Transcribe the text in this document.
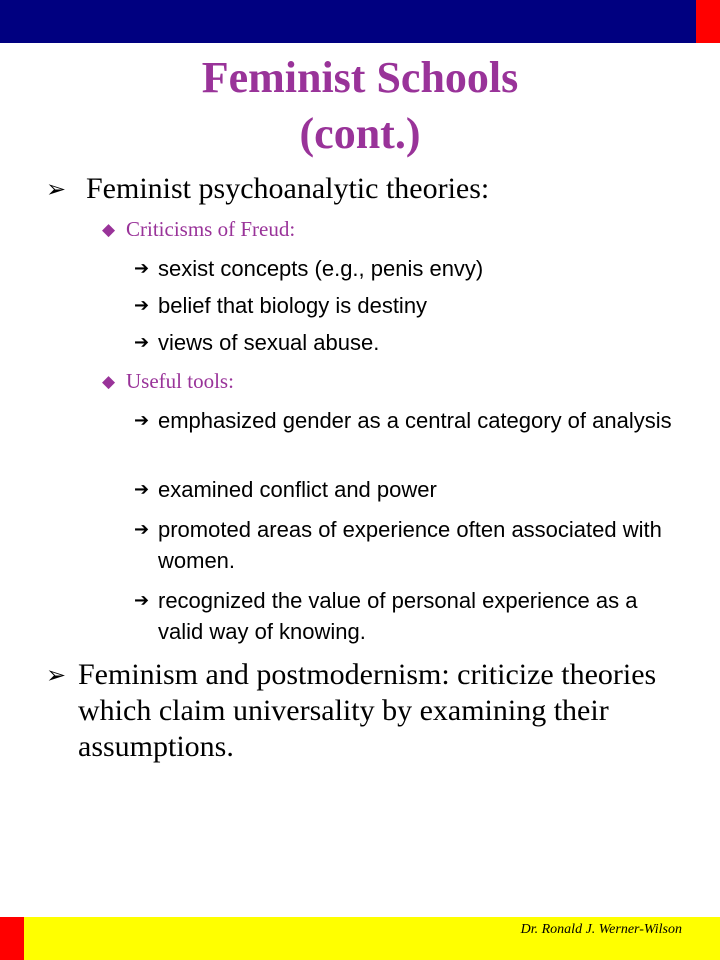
Feminist Schools
(cont.)
➢ Feminist psychoanalytic theories:
◆ Criticisms of Freud:
➔ sexist concepts (e.g., penis envy)
➔ belief that biology is destiny
➔ views of sexual abuse.
◆ Useful tools:
➔ emphasized gender as a central category of analysis
➔ examined conflict and power
➔ promoted areas of experience often associated with women.
➔ recognized the value of personal experience as a valid way of knowing.
➢ Feminism and postmodernism: criticize theories which claim universality by examining their assumptions.
Dr. Ronald J. Werner-Wilson
